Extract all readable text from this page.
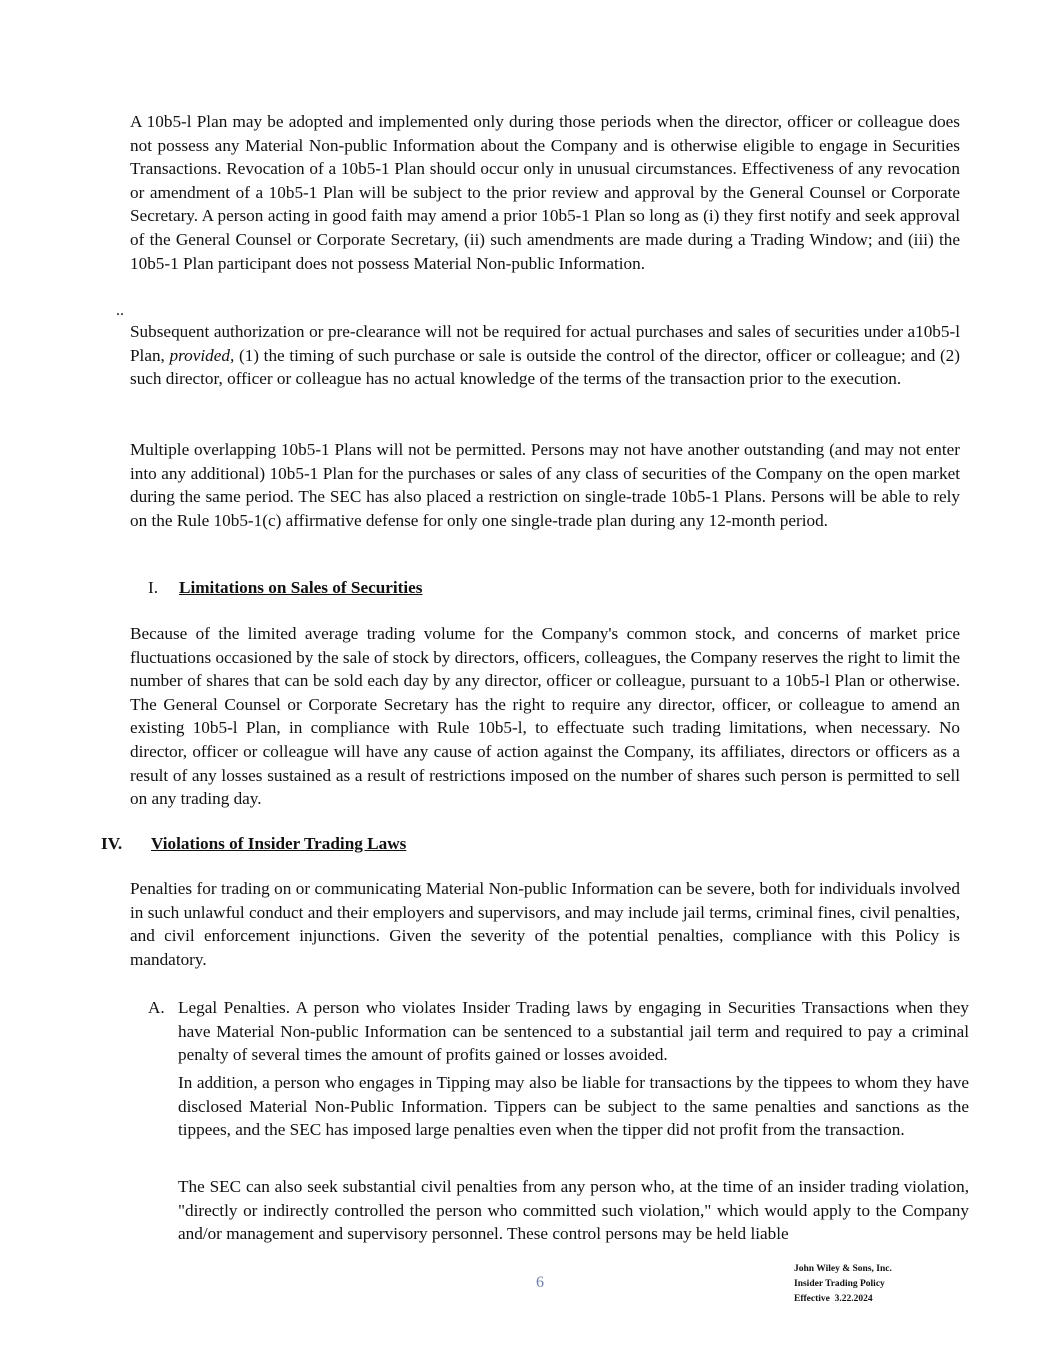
A 10b5-l Plan may be adopted and implemented only during those periods when the director, officer or colleague does not possess any Material Non-public Information about the Company and is otherwise eligible to engage in Securities Transactions. Revocation of a 10b5-1 Plan should occur only in unusual circumstances. Effectiveness of any revocation or amendment of a 10b5-1 Plan will be subject to the prior review and approval by the General Counsel or Corporate Secretary. A person acting in good faith may amend a prior 10b5-1 Plan so long as (i) they first notify and seek approval of the General Counsel or Corporate Secretary, (ii) such amendments are made during a Trading Window; and (iii) the 10b5-1 Plan participant does not possess Material Non-public Information.

..

Subsequent authorization or pre-clearance will not be required for actual purchases and sales of securities under a10b5-l Plan, provided, (1) the timing of such purchase or sale is outside the control of the director, officer or colleague; and (2) such director, officer or colleague has no actual knowledge of the terms of the transaction prior to the execution.

Multiple overlapping 10b5-1 Plans will not be permitted. Persons may not have another outstanding (and may not enter into any additional) 10b5-1 Plan for the purchases or sales of any class of securities of the Company on the open market during the same period. The SEC has also placed a restriction on single-trade 10b5-1 Plans. Persons will be able to rely on the Rule 10b5-1(c) affirmative defense for only one single-trade plan during any 12-month period.

I. Limitations on Sales of Securities

Because of the limited average trading volume for the Company's common stock, and concerns of market price fluctuations occasioned by the sale of stock by directors, officers, colleagues, the Company reserves the right to limit the number of shares that can be sold each day by any director, officer or colleague, pursuant to a 10b5-l Plan or otherwise. The General Counsel or Corporate Secretary has the right to require any director, officer, or colleague to amend an existing 10b5-l Plan, in compliance with Rule 10b5-l, to effectuate such trading limitations, when necessary. No director, officer or colleague will have any cause of action against the Company, its affiliates, directors or officers as a result of any losses sustained as a result of restrictions imposed on the number of shares such person is permitted to sell on any trading day.

IV. Violations of Insider Trading Laws

Penalties for trading on or communicating Material Non-public Information can be severe, both for individuals involved in such unlawful conduct and their employers and supervisors, and may include jail terms, criminal fines, civil penalties, and civil enforcement injunctions. Given the severity of the potential penalties, compliance with this Policy is mandatory.

A. Legal Penalties. A person who violates Insider Trading laws by engaging in Securities Transactions when they have Material Non-public Information can be sentenced to a substantial jail term and required to pay a criminal penalty of several times the amount of profits gained or losses avoided.

In addition, a person who engages in Tipping may also be liable for transactions by the tippees to whom they have disclosed Material Non-Public Information. Tippers can be subject to the same penalties and sanctions as the tippees, and the SEC has imposed large penalties even when the tipper did not profit from the transaction.

The SEC can also seek substantial civil penalties from any person who, at the time of an insider trading violation, "directly or indirectly controlled the person who committed such violation," which would apply to the Company and/or management and supervisory personnel. These control persons may be held liable

6
John Wiley & Sons, Inc.
Insider Trading Policy
Effective  3.22.2024
